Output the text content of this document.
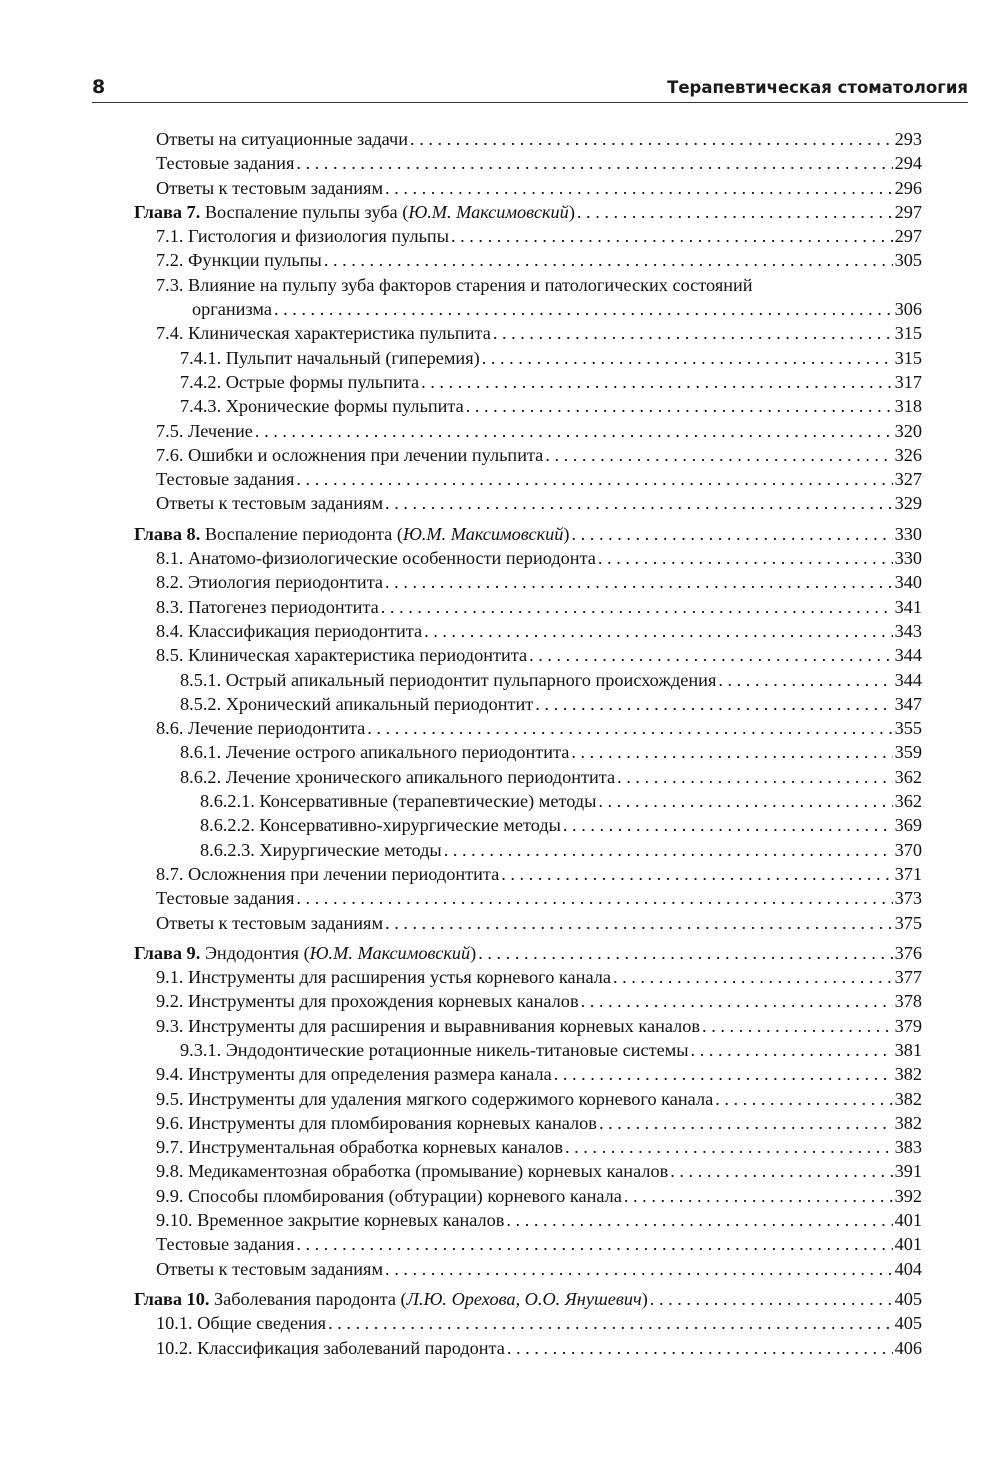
8	Терапевтическая стоматология
Ответы на ситуационные задачи . . .	293
Тестовые задания . . .	294
Ответы к тестовым заданиям . . .	296
Глава 7. Воспаление пульпы зуба (Ю.М. Максимовский) . . .	297
7.1. Гистология и физиология пульпы . . .	297
7.2. Функции пульпы . . .	305
7.3. Влияние на пульпу зуба факторов старения и патологических состояний
организма . . .	306
7.4. Клиническая характеристика пульпита . . .	315
7.4.1. Пульпит начальный (гиперемия) . . .	315
7.4.2. Острые формы пульпита . . .	317
7.4.3. Хронические формы пульпита . . .	318
7.5. Лечение . . .	320
7.6. Ошибки и осложнения при лечении пульпита . . .	326
Тестовые задания . . .	327
Ответы к тестовым заданиям . . .	329
Глава 8. Воспаление периодонта (Ю.М. Максимовский) . . .	330
8.1. Анатомо-физиологические особенности периодонта . . .	330
8.2. Этиология периодонтита . . .	340
8.3. Патогенез периодонтита . . .	341
8.4. Классификация периодонтита . . .	343
8.5. Клиническая характеристика периодонтита . . .	344
8.5.1. Острый апикальный периодонтит пульпарного происхождения . . .	344
8.5.2. Хронический апикальный периодонтит . . .	347
8.6. Лечение периодонтита . . .	355
8.6.1. Лечение острого апикального периодонтита . . .	359
8.6.2. Лечение хронического апикального периодонтита . . .	362
8.6.2.1. Консервативные (терапевтические) методы . . .	362
8.6.2.2. Консервативно-хирургические методы . . .	369
8.6.2.3. Хирургические методы . . .	370
8.7. Осложнения при лечении периодонтита . . .	371
Тестовые задания . . .	373
Ответы к тестовым заданиям . . .	375
Глава 9. Эндодонтия (Ю.М. Максимовский) . . .	376
9.1. Инструменты для расширения устья корневого канала . . .	377
9.2. Инструменты для прохождения корневых каналов . . .	378
9.3. Инструменты для расширения и выравнивания корневых каналов . . .	379
9.3.1. Эндодонтические ротационные никель-титановые системы . . .	381
9.4. Инструменты для определения размера канала . . .	382
9.5. Инструменты для удаления мягкого содержимого корневого канала . . .	382
9.6. Инструменты для пломбирования корневых каналов . . .	382
9.7. Инструментальная обработка корневых каналов . . .	383
9.8. Медикаментозная обработка (промывание) корневых каналов . . .	391
9.9. Способы пломбирования (обтурации) корневого канала . . .	392
9.10. Временное закрытие корневых каналов . . .	401
Тестовые задания . . .	401
Ответы к тестовым заданиям . . .	404
Глава 10. Заболевания пародонта (Л.Ю. Орехова, О.О. Янушевич) . . .	405
10.1. Общие сведения . . .	405
10.2. Классификация заболеваний пародонта . . .	406
